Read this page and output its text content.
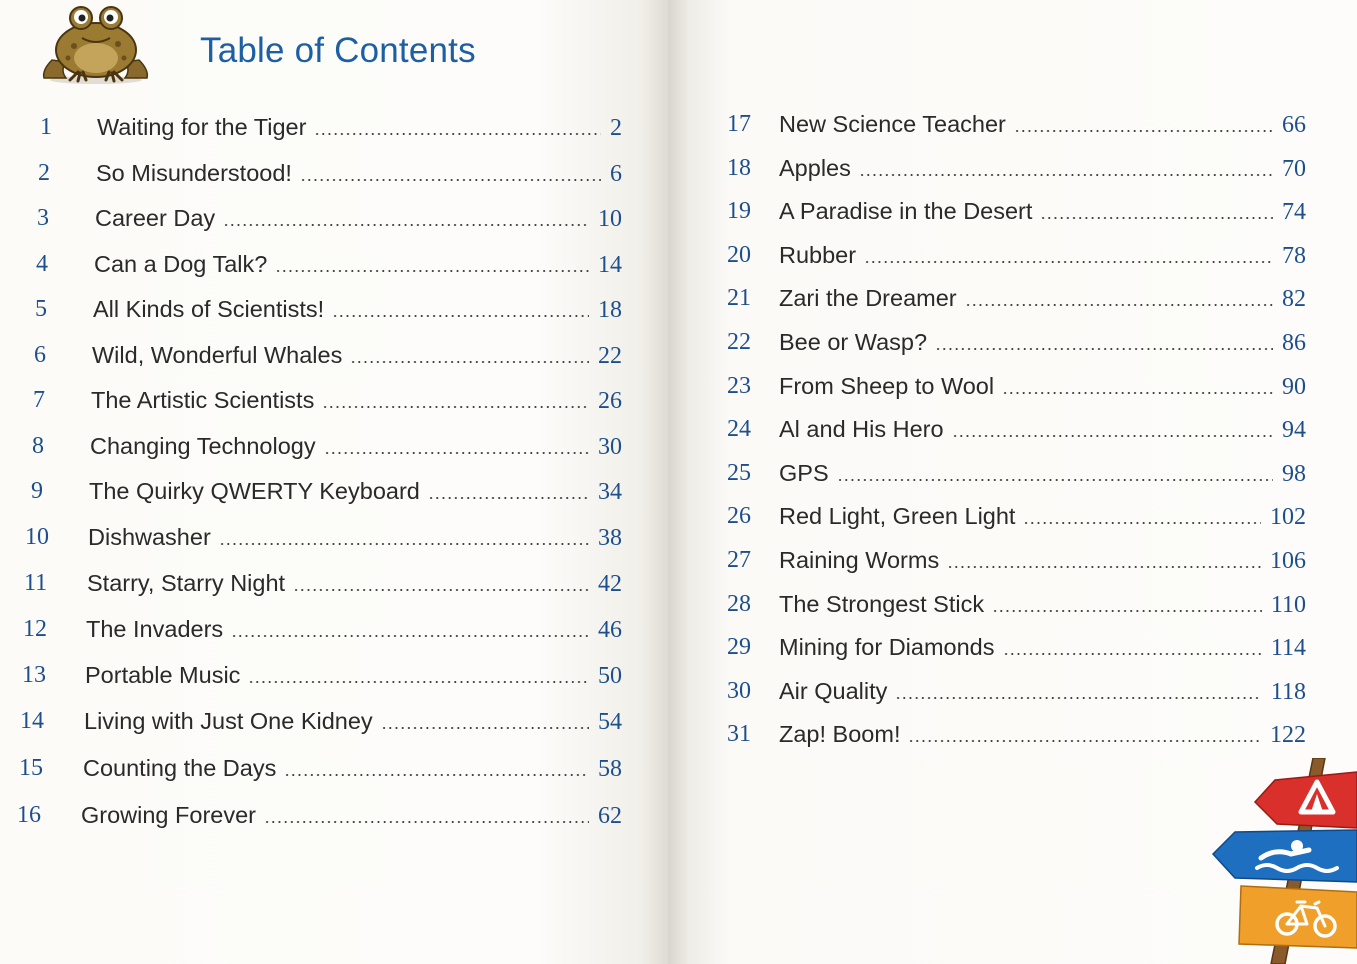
Table of Contents
1 Waiting for the Tiger	2
2 So Misunderstood!	6
3 Career Day	10
4 Can a Dog Talk?	14
5 All Kinds of Scientists!	18
6 Wild, Wonderful Whales	22
7 The Artistic Scientists	26
8 Changing Technology	30
9 The Quirky QWERTY Keyboard	34
10 Dishwasher	38
11 Starry, Starry Night	42
12 The Invaders	46
13 Portable Music	50
14 Living with Just One Kidney	54
15 Counting the Days	58
16 Growing Forever	62
17 New Science Teacher	66
18 Apples	70
19 A Paradise in the Desert	74
20 Rubber	78
21 Zari the Dreamer	82
22 Bee or Wasp?	86
23 From Sheep to Wool	90
24 Al and His Hero	94
25 GPS	98
26 Red Light, Green Light	102
27 Raining Worms	106
28 The Strongest Stick	110
29 Mining for Diamonds	114
30 Air Quality	118
31 Zap! Boom!	122
